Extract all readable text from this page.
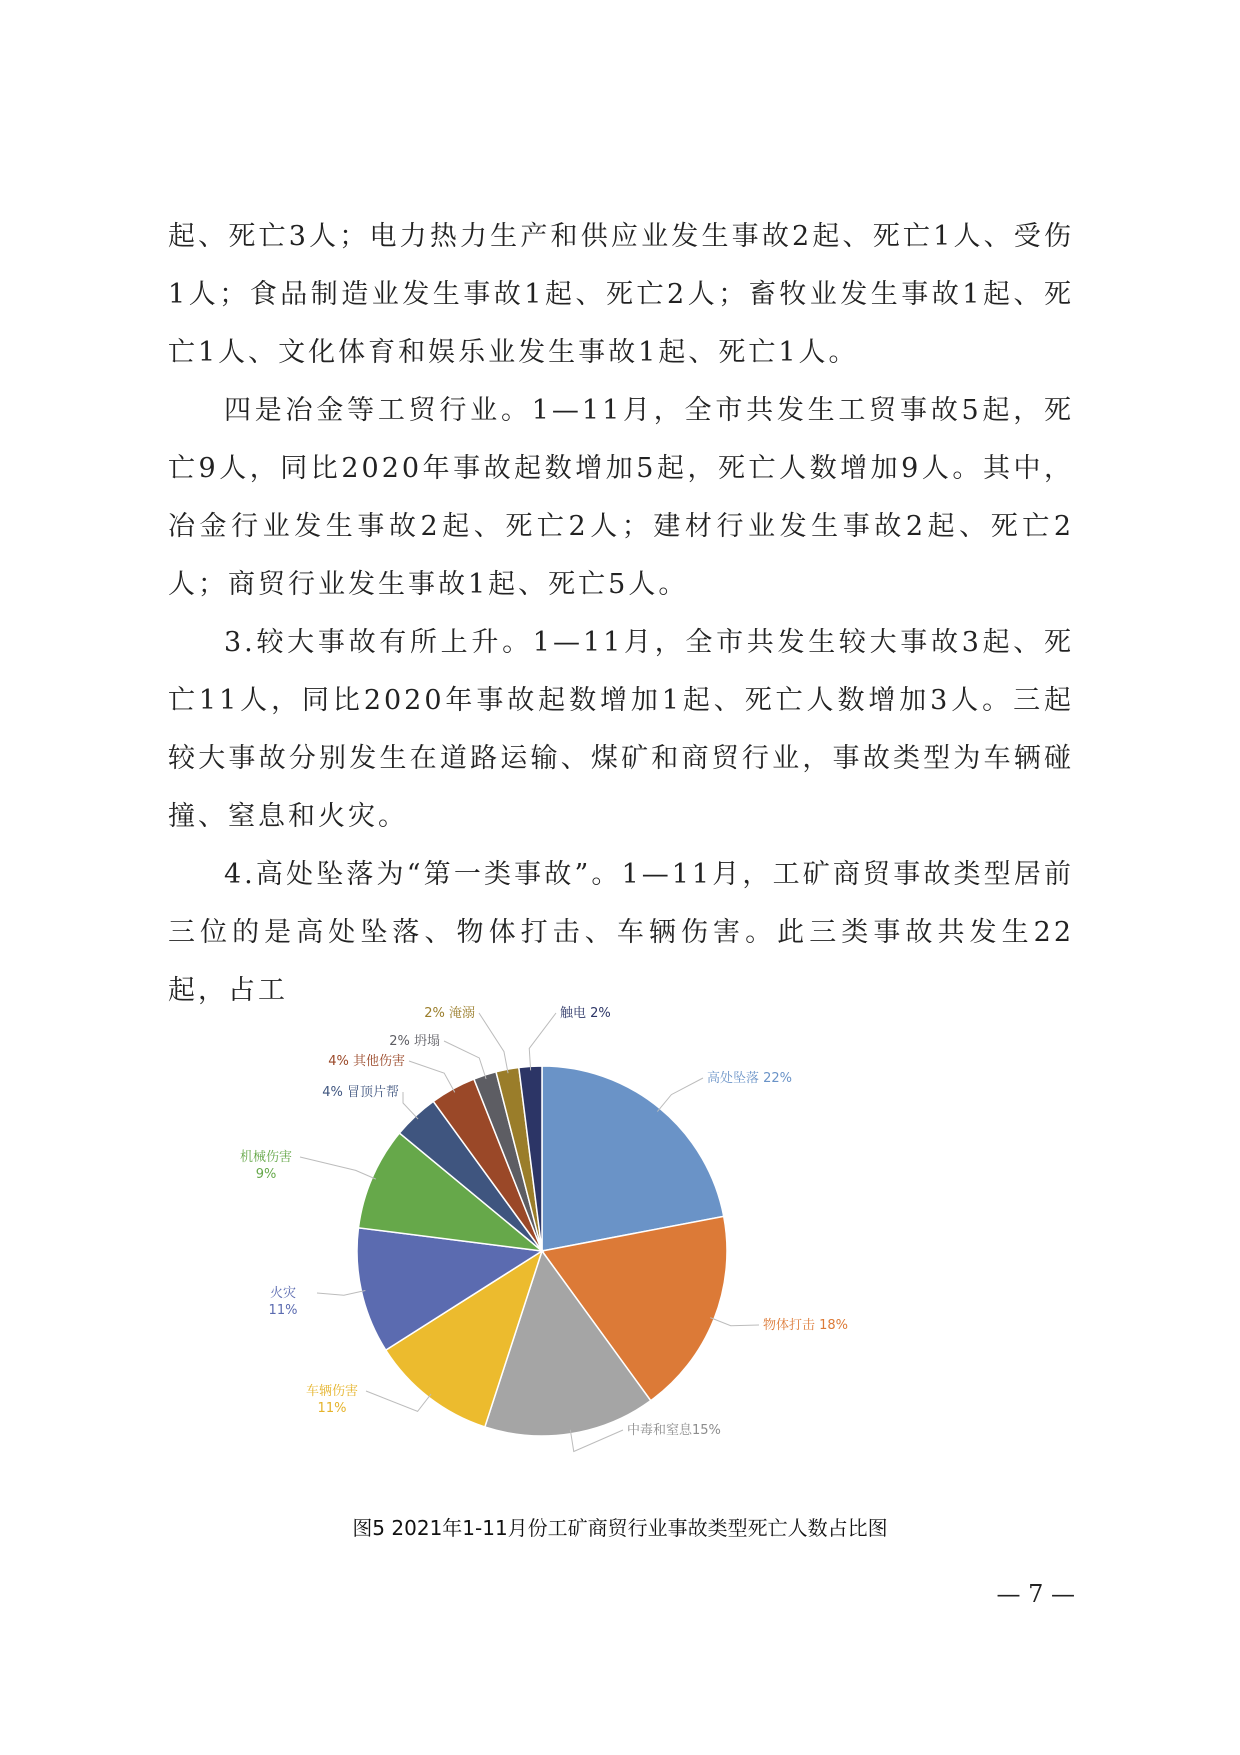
起、死亡3人；电力热力生产和供应业发生事故2起、死亡1人、受伤1人；食品制造业发生事故1起、死亡2人；畜牧业发生事故1起、死亡1人、文化体育和娱乐业发生事故1起、死亡1人。

四是冶金等工贸行业。1—11月，全市共发生工贸事故5起，死亡9人，同比2020年事故起数增加5起，死亡人数增加9人。其中，冶金行业发生事故2起、死亡2人；建材行业发生事故2起、死亡2人；商贸行业发生事故1起、死亡5人。

3.较大事故有所上升。1—11月，全市共发生较大事故3起、死亡11人，同比2020年事故起数增加1起、死亡人数增加3人。三起较大事故分别发生在道路运输、煤矿和商贸行业，事故类型为车辆碰撞、窒息和火灾。

4.高处坠落为“第一类事故”。1—11月，工矿商贸事故类型居前三位的是高处坠落、物体打击、车辆伤害。此三类事故共发生22起，占工

高处坠落 22%
物体打击 18%
中毒和窒息15%
车辆伤害 11%
火灾 11%
机械伤害 9%
4% 冒顶片帮
4% 其他伤害
2% 坍塌
2% 淹溺	触电 2%
图5 2021年1-11月份工矿商贸行业事故类型死亡人数占比图
— 7 —
